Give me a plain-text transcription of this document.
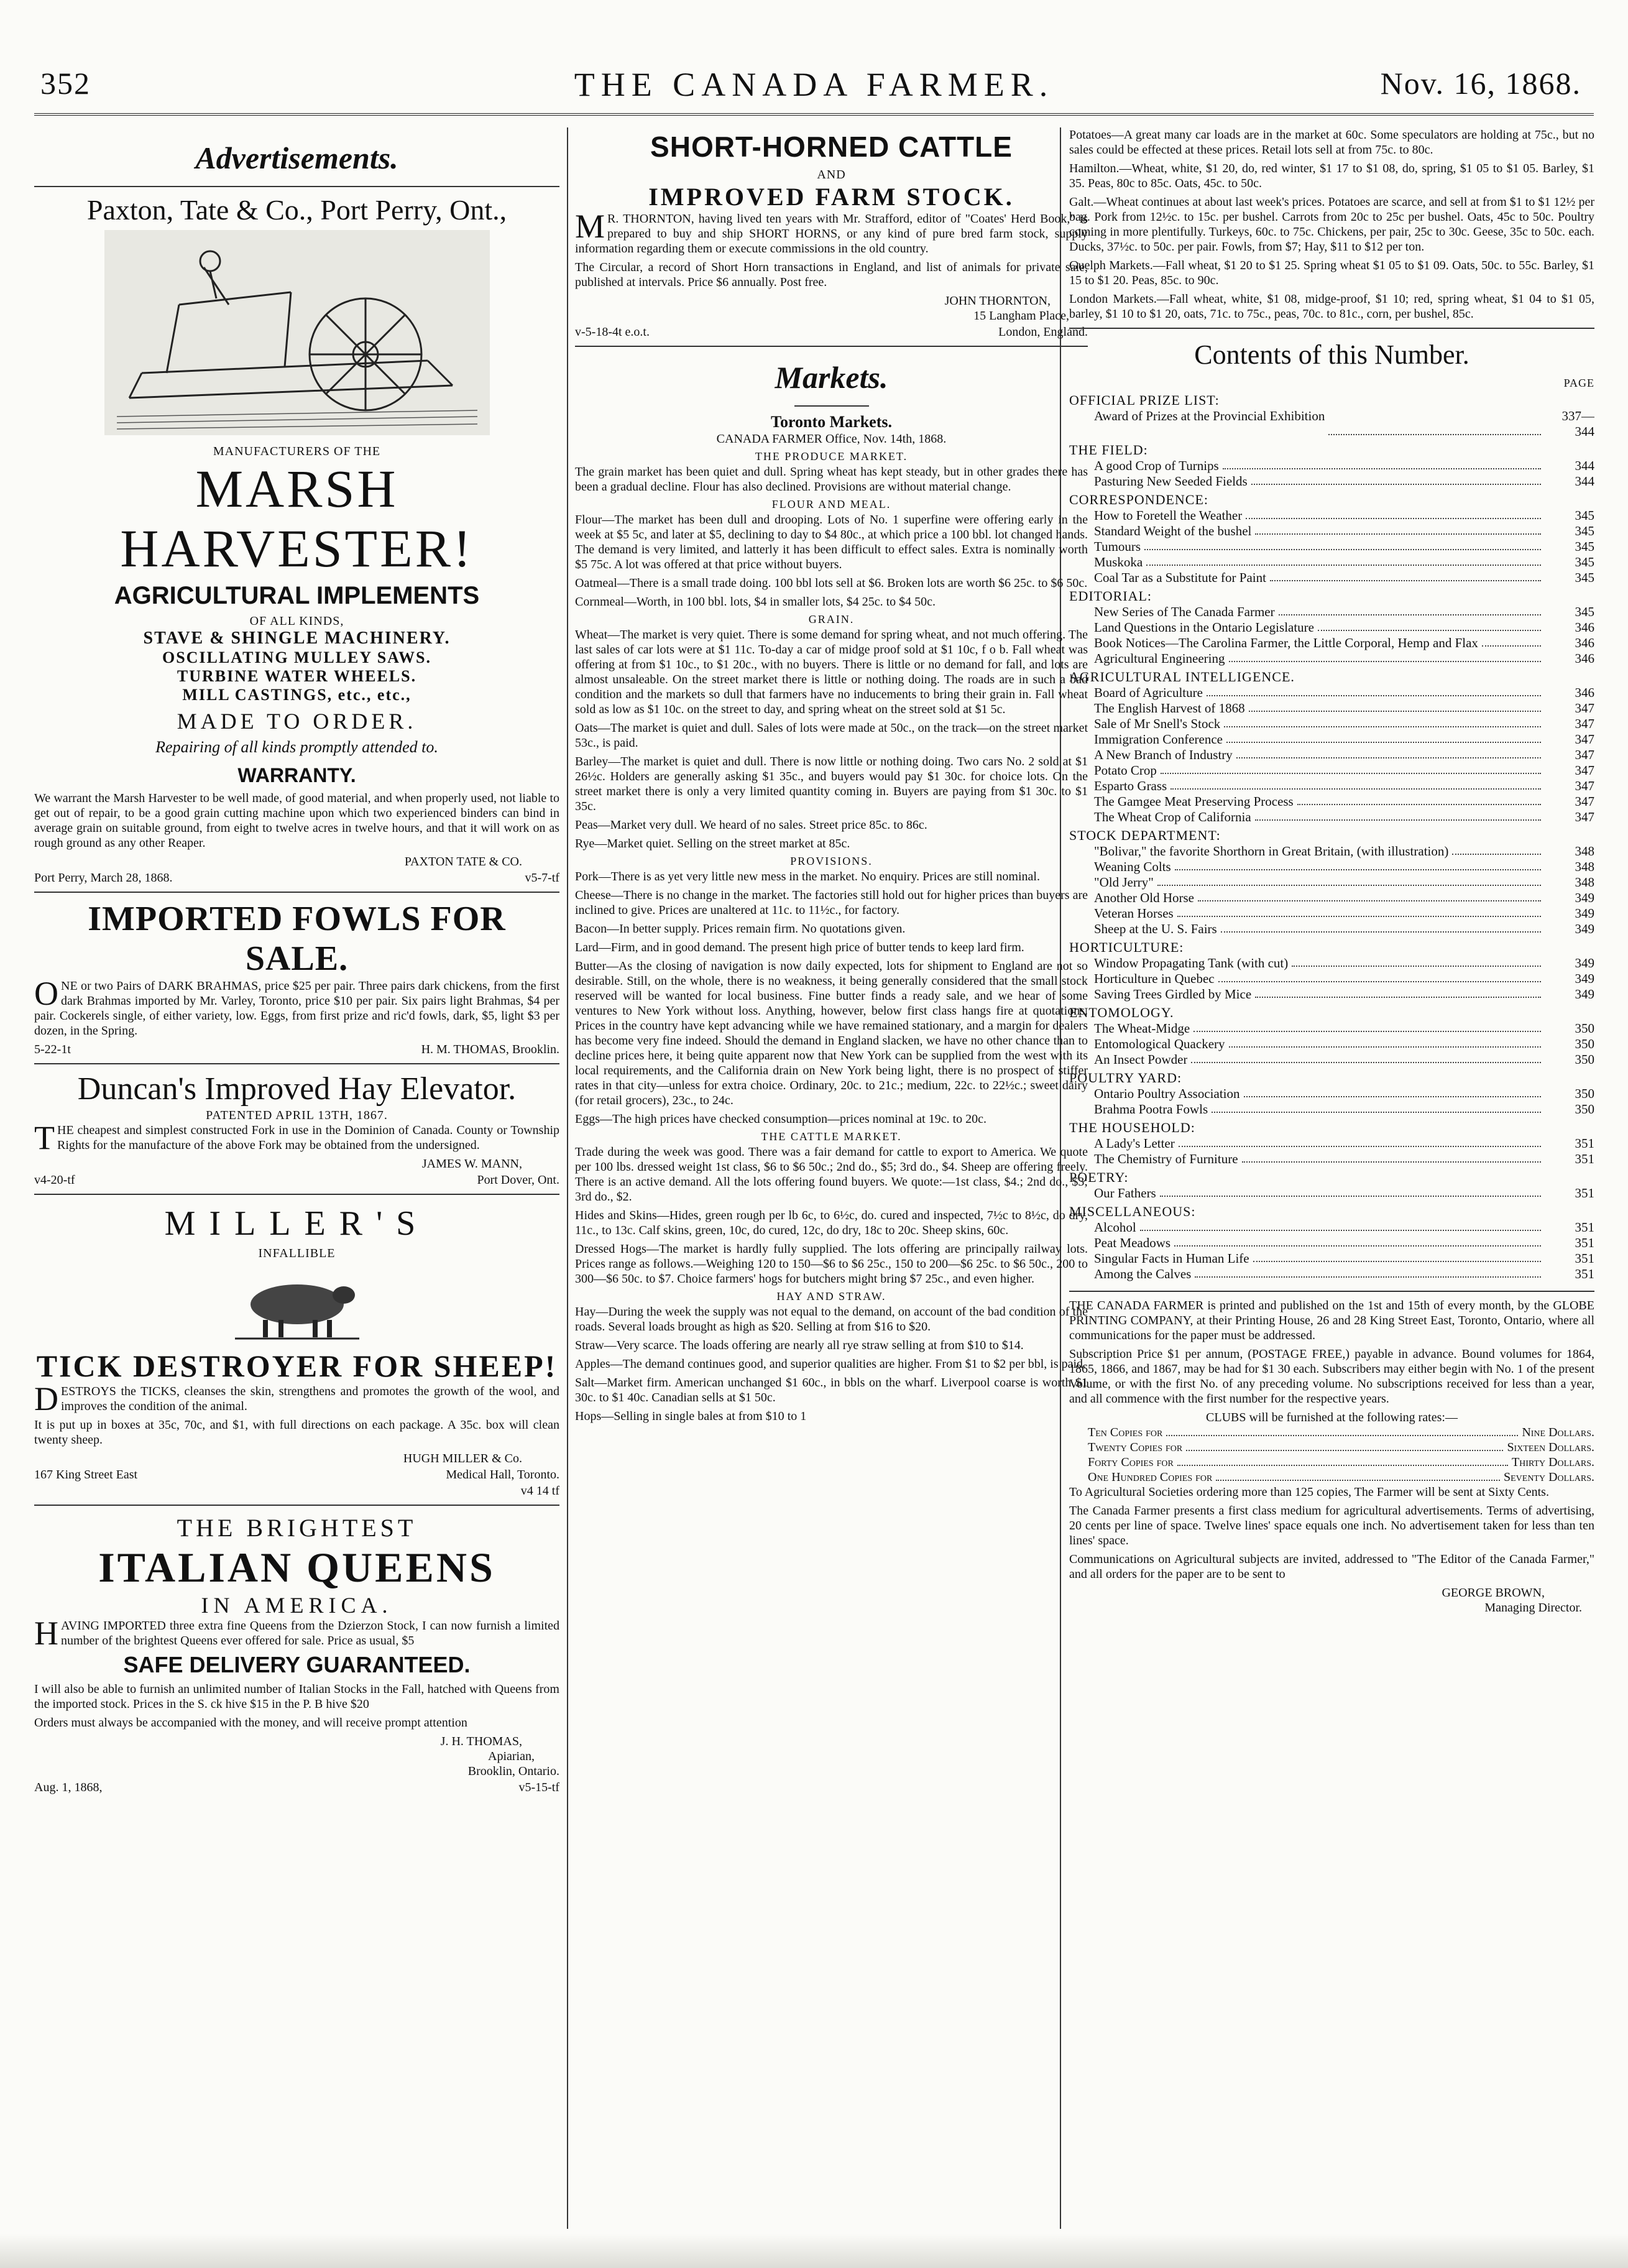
352	THE CANADA FARMER.	Nov. 16, 1868.
Advertisements.
Paxton, Tate & Co., Port Perry, Ont.,
MANUFACTURERS OF THE
MARSH HARVESTER!
AGRICULTURAL IMPLEMENTS
OF ALL KINDS,
STAVE & SHINGLE MACHINERY.
OSCILLATING MULLEY SAWS.
TURBINE WATER WHEELS.
MILL CASTINGS, etc., etc.,
MADE TO ORDER.
Repairing of all kinds promptly attended to.
WARRANTY.

We warrant the Marsh Harvester to be well made, of good material, and when properly used, not liable to get out of repair, to be a good grain cutting machine upon which two experienced binders can bind in average grain on suitable ground, from eight to twelve acres in twelve hours, and that it will work on as rough ground as any other Reaper.

PAXTON TATE & CO.
Port Perry, March 28, 1868.	v5-7-tf
IMPORTED FOWLS FOR SALE.

ONE or two Pairs of DARK BRAHMAS, price $25 per pair. Three pairs dark chickens, from the first dark Brahmas imported by Mr. Varley, Toronto, price $10 per pair. Six pairs light Brahmas, $4 per pair. Cockerels single, of either variety, low. Eggs, from first prize and ric'd fowls, dark, $5, light $3 per dozen, in the Spring.

5-22-1t	H. M. THOMAS, Brooklin.
Duncan's Improved Hay Elevator.
PATENTED APRIL 13TH, 1867.

THE cheapest and simplest constructed Fork in use in the Dominion of Canada. County or Township Rights for the manufacture of the above Fork may be obtained from the undersigned.

JAMES W. MANN,
v4-20-tf	Port Dover, Ont.
MILLER'S
INFALLIBLE
TICK DESTROYER FOR SHEEP!

DESTROYS the TICKS, cleanses the skin, strengthens and promotes the growth of the wool, and improves the condition of the animal.

It is put up in boxes at 35c, 70c, and $1, with full directions on each package. A 35c. box will clean twenty sheep.

HUGH MILLER & Co.
167 King Street East	Medical Hall, Toronto.
v4 14 tf
THE BRIGHTEST
ITALIAN QUEENS
IN AMERICA.

HAVING IMPORTED three extra fine Queens from the Dzierzon Stock, I can now furnish a limited number of the brightest Queens ever offered for sale. Price as usual, $5

SAFE DELIVERY GUARANTEED.

I will also be able to furnish an unlimited number of Italian Stocks in the Fall, hatched with Queens from the imported stock. Prices in the S. ck hive $15 in the P. B hive $20

Orders must always be accompanied with the money, and will receive prompt attention

J. H. THOMAS,
Apiarian,
Brooklin, Ontario.
Aug. 1, 1868,	v5-15-tf
SHORT-HORNED CATTLE
AND
IMPROVED FARM STOCK.

MR. THORNTON, having lived ten years with Mr. Strafford, editor of "Coates' Herd Book," is prepared to buy and ship SHORT HORNS, or any kind of pure bred farm stock, supply information regarding them or execute commissions in the old country.

The Circular, a record of Short Horn transactions in England, and list of animals for private sale, published at intervals. Price $6 annually. Post free.

JOHN THORNTON,
15 Langham Place,
v-5-18-4t e.o.t.	London, England.
Markets.
Toronto Markets.
CANADA FARMER Office, Nov. 14th, 1868.
THE PRODUCE MARKET.

The grain market has been quiet and dull. Spring wheat has kept steady, but in other grades there has been a gradual decline. Flour has also declined. Provisions are without material change.

FLOUR AND MEAL.

Flour—The market has been dull and drooping. Lots of No. 1 superfine were offering early in the week at $5 5c, and later at $5, declining to day to $4 80c., at which price a 100 bbl. lot changed hands. The demand is very limited, and latterly it has been difficult to effect sales. Extra is nominally worth $5 75c. A lot was offered at that price without buyers.

Oatmeal—There is a small trade doing. 100 bbl lots sell at $6. Broken lots are worth $6 25c. to $6 50c.

Cornmeal—Worth, in 100 bbl. lots, $4 in smaller lots, $4 25c. to $4 50c.

GRAIN.

Wheat—The market is very quiet. There is some demand for spring wheat, and not much offering. The last sales of car lots were at $1 11c. To-day a car of midge proof sold at $1 10c, f o b. Fall wheat was offering at from $1 10c., to $1 20c., with no buyers. There is little or no demand for fall, and lots are almost unsaleable. On the street market there is little or nothing doing. The roads are in such a bad condition and the markets so dull that farmers have no inducements to bring their grain in. Fall wheat sold as low as $1 10c. on the street to day, and spring wheat on the street sold at $1 5c.

Oats—The market is quiet and dull. Sales of lots were made at 50c., on the track—on the street market 53c., is paid.

Barley—The market is quiet and dull. There is now little or nothing doing. Two cars No. 2 sold at $1 26½c. Holders are generally asking $1 35c., and buyers would pay $1 30c. for choice lots. On the street market there is only a very limited quantity coming in. Buyers are paying from $1 30c. to $1 35c.

Peas—Market very dull. We heard of no sales. Street price 85c. to 86c.

Rye—Market quiet. Selling on the street market at 85c.

PROVISIONS.

Pork—There is as yet very little new mess in the market. No enquiry. Prices are still nominal.

Cheese—There is no change in the market. The factories still hold out for higher prices than buyers are inclined to give. Prices are unaltered at 11c. to 11½c., for factory.

Bacon—In better supply. Prices remain firm. No quotations given.

Lard—Firm, and in good demand. The present high price of butter tends to keep lard firm.

Butter—As the closing of navigation is now daily expected, lots for shipment to England are not so desirable. Still, on the whole, there is no weakness, it being generally considered that the small stock reserved will be wanted for local business. Fine butter finds a ready sale, and we hear of some ventures to New York without loss. Anything, however, below first class hangs fire at quotations. Prices in the country have kept advancing while we have remained stationary, and a margin for dealers has become very fine indeed. Should the demand in England slacken, we have no other chance than to decline prices here, it being quite apparent now that New York can be supplied from the west with its local requirements, and the California drain on New York being light, there is no prospect of stiffer rates in that city—unless for extra choice. Ordinary, 20c. to 21c.; medium, 22c. to 22½c.; sweet dairy (for retail grocers), 23c., to 24c.

Eggs—The high prices have checked consumption—prices nominal at 19c. to 20c.

THE CATTLE MARKET.

Trade during the week was good. There was a fair demand for cattle to export to America. We quote per 100 lbs. dressed weight 1st class, $6 to $6 50c.; 2nd do., $5; 3rd do., $4. Sheep are offering freely. There is an active demand. All the lots offering found buyers. We quote:—1st class, $4.; 2nd do., $3; 3rd do., $2.

Hides and Skins—Hides, green rough per lb 6c, to 6½c, do. cured and inspected, 7½c to 8½c, do dry, 11c., to 13c. Calf skins, green, 10c, do cured, 12c, do dry, 18c to 20c. Sheep skins, 60c.

Dressed Hogs—The market is hardly fully supplied. The lots offering are principally railway lots. Prices range as follows.—Weighing 120 to 150—$6 to $6 25c., 150 to 200—$6 25c. to $6 50c., 200 to 300—$6 50c. to $7. Choice farmers' hogs for butchers might bring $7 25c., and even higher.

HAY AND STRAW.

Hay—During the week the supply was not equal to the demand, on account of the bad condition of the roads. Several loads brought as high as $20. Selling at from $16 to $20.

Straw—Very scarce. The loads offering are nearly all rye straw selling at from $10 to $14.

Apples—The demand continues good, and superior qualities are higher. From $1 to $2 per bbl, is paid.

Salt—Market firm. American unchanged $1 60c., in bbls on the wharf. Liverpool coarse is worth $1 30c. to $1 40c. Canadian sells at $1 50c.

Hops—Selling in single bales at from $10 to 1

Potatoes—A great many car loads are in the market at 60c. Some speculators are holding at 75c., but no sales could be effected at these prices. Retail lots sell at from 75c. to 80c.

Hamilton.—Wheat, white, $1 20, do, red winter, $1 17 to $1 08, do, spring, $1 05 to $1 05. Barley, $1 35. Peas, 80c to 85c. Oats, 45c. to 50c.

Galt.—Wheat continues at about last week's prices. Potatoes are scarce, and sell at from $1 to $1 12½ per bag. Pork from 12½c. to 15c. per bushel. Carrots from 20c to 25c per bushel. Oats, 45c to 50c. Poultry coming in more plentifully. Turkeys, 60c. to 75c. Chickens, per pair, 25c to 30c. Geese, 35c to 50c. each. Ducks, 37½c. to 50c. per pair. Fowls, from $7; Hay, $11 to $12 per ton.

Guelph Markets.—Fall wheat, $1 20 to $1 25. Spring wheat $1 05 to $1 09. Oats, 50c. to 55c. Barley, $1 15 to $1 20. Peas, 85c. to 90c.

London Markets.—Fall wheat, white, $1 08, midge-proof, $1 10; red, spring wheat, $1 04 to $1 05, barley, $1 10 to $1 20, oats, 71c. to 75c., peas, 70c. to 81c., corn, per bushel, 85c.

Contents of this Number.
PAGE
OFFICIAL PRIZE LIST:
Award of Prizes at the Provincial Exhibition	337—344
THE FIELD:
A good Crop of Turnips	344
Pasturing New Seeded Fields	344
CORRESPONDENCE:
How to Foretell the Weather	345
Standard Weight of the bushel	345
Tumours	345
Muskoka	345
Coal Tar as a Substitute for Paint	345
EDITORIAL:
New Series of The Canada Farmer	345
Land Questions in the Ontario Legislature	346
Book Notices—The Carolina Farmer, the Little Corporal, Hemp and Flax	346
Agricultural Engineering	346
AGRICULTURAL INTELLIGENCE.
Board of Agriculture	346
The English Harvest of 1868	347
Sale of Mr Snell's Stock	347
Immigration Conference	347
A New Branch of Industry	347
Potato Crop	347
Esparto Grass	347
The Gamgee Meat Preserving Process	347
The Wheat Crop of California	347
STOCK DEPARTMENT:
"Bolivar," the favorite Shorthorn in Great Britain, (with illustration)	348
Weaning Colts	348
"Old Jerry"	348
Another Old Horse	349
Veteran Horses	349
Sheep at the U. S. Fairs	349
HORTICULTURE:
Window Propagating Tank (with cut)	349
Horticulture in Quebec	349
Saving Trees Girdled by Mice	349
ENTOMOLOGY.
The Wheat-Midge	350
Entomological Quackery	350
An Insect Powder	350
POULTRY YARD:
Ontario Poultry Association	350
Brahma Pootra Fowls	350
THE HOUSEHOLD:
A Lady's Letter	351
The Chemistry of Furniture	351
POETRY:
Our Fathers	351
MISCELLANEOUS:
Alcohol	351
Peat Meadows	351
Singular Facts in Human Life	351
Among the Calves	351

THE CANADA FARMER is printed and published on the 1st and 15th of every month, by the GLOBE PRINTING COMPANY, at their Printing House, 26 and 28 King Street East, Toronto, Ontario, where all communications for the paper must be addressed.

Subscription Price $1 per annum, (POSTAGE FREE,) payable in advance. Bound volumes for 1864, 1865, 1866, and 1867, may be had for $1 30 each. Subscribers may either begin with No. 1 of the present Volume, or with the first No. of any preceding volume. No subscriptions received for less than a year, and all commence with the first number for the respective years.

CLUBS will be furnished at the following rates:—
Ten Copies for	Nine Dollars.
Twenty Copies for	Sixteen Dollars.
Forty Copies for	Thirty Dollars.
One Hundred Copies for	Seventy Dollars.

To Agricultural Societies ordering more than 125 copies, The Farmer will be sent at Sixty Cents.

The Canada Farmer presents a first class medium for agricultural advertisements. Terms of advertising, 20 cents per line of space. Twelve lines' space equals one inch. No advertisement taken for less than ten lines' space.

Communications on Agricultural subjects are invited, addressed to "The Editor of the Canada Farmer," and all orders for the paper are to be sent to

GEORGE BROWN,
Managing Director.
